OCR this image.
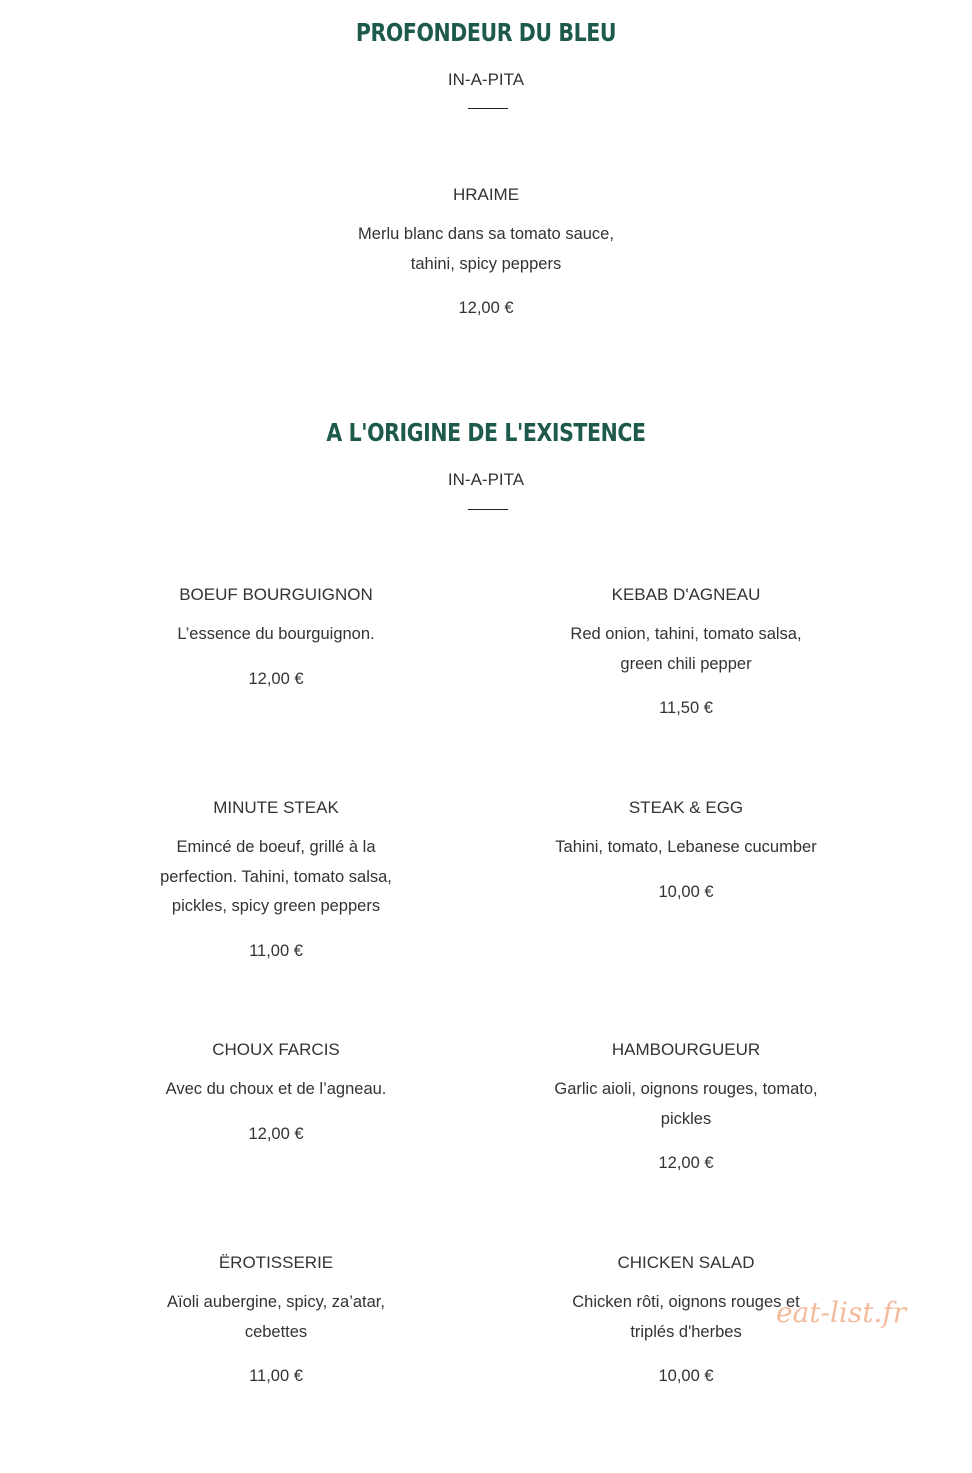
PROFONDEUR DU BLEU
IN-A-PITA
HRAIME
Merlu blanc dans sa tomato sauce,
tahini, spicy peppers
12,00 €
A L'ORIGINE DE L'EXISTENCE
IN-A-PITA
BOEUF BOURGUIGNON
L’essence du bourguignon.
12,00 €
KEBAB D'AGNEAU
Red onion, tahini, tomato salsa,
green chili pepper
11,50 €
MINUTE STEAK
Emincé de boeuf, grillé à la
perfection. Tahini, tomato salsa,
pickles, spicy green peppers
11,00 €
STEAK & EGG
Tahini, tomato, Lebanese cucumber
10,00 €
CHOUX FARCIS
Avec du choux et de l’agneau.
12,00 €
HAMBOURGUEUR
Garlic aioli, oignons rouges, tomato,
pickles
12,00 €
ËROTISSERIE
Aïoli aubergine, spicy, za’atar,
cebettes
11,00 €
CHICKEN SALAD
Chicken rôti, oignons rouges et
triplés d'herbes
10,00 €
eat-list.fr
